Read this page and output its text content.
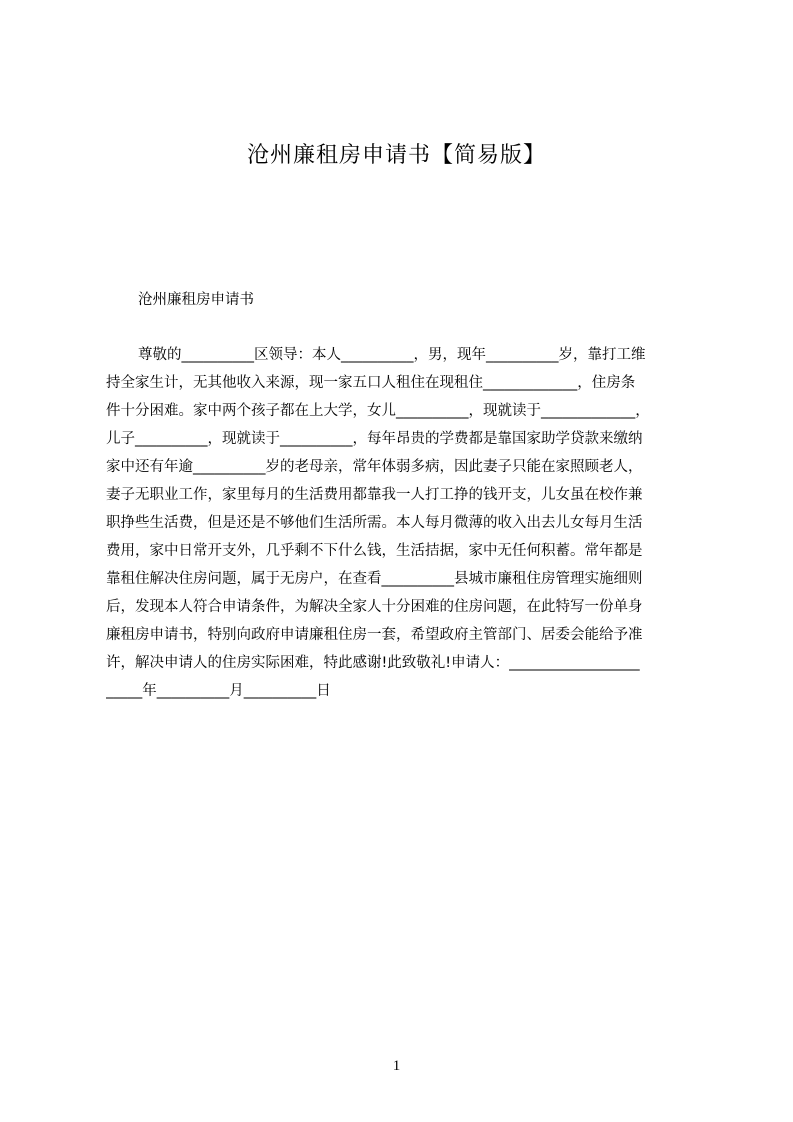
沧州廉租房申请书【简易版】
沧州廉租房申请书
尊敬的__________区领导：本人__________，男，现年__________岁，靠打工维
持全家生计，无其他收入来源，现一家五口人租住在现租住_____________，住房条
件十分困难。家中两个孩子都在上大学，女儿__________，现就读于_____________，
儿子__________，现就读于__________，每年昂贵的学费都是靠国家助学贷款来缴纳
家中还有年逾__________岁的老母亲，常年体弱多病，因此妻子只能在家照顾老人，
妻子无职业工作，家里每月的生活费用都靠我一人打工挣的钱开支，儿女虽在校作兼
职挣些生活费，但是还是不够他们生活所需。本人每月微薄的收入出去儿女每月生活
费用，家中日常开支外，几乎剩不下什么钱，生活拮据，家中无任何积蓄。常年都是
靠租住解决住房问题，属于无房户，在查看__________县城市廉租住房管理实施细则
后，发现本人符合申请条件，为解决全家人十分困难的住房问题，在此特写一份单身
廉租房申请书，特别向政府申请廉租住房一套，希望政府主管部门、居委会能给予准
许，解决申请人的住房实际困难，特此感谢!此致敬礼!申请人：__________________
_____年__________月__________日
1
